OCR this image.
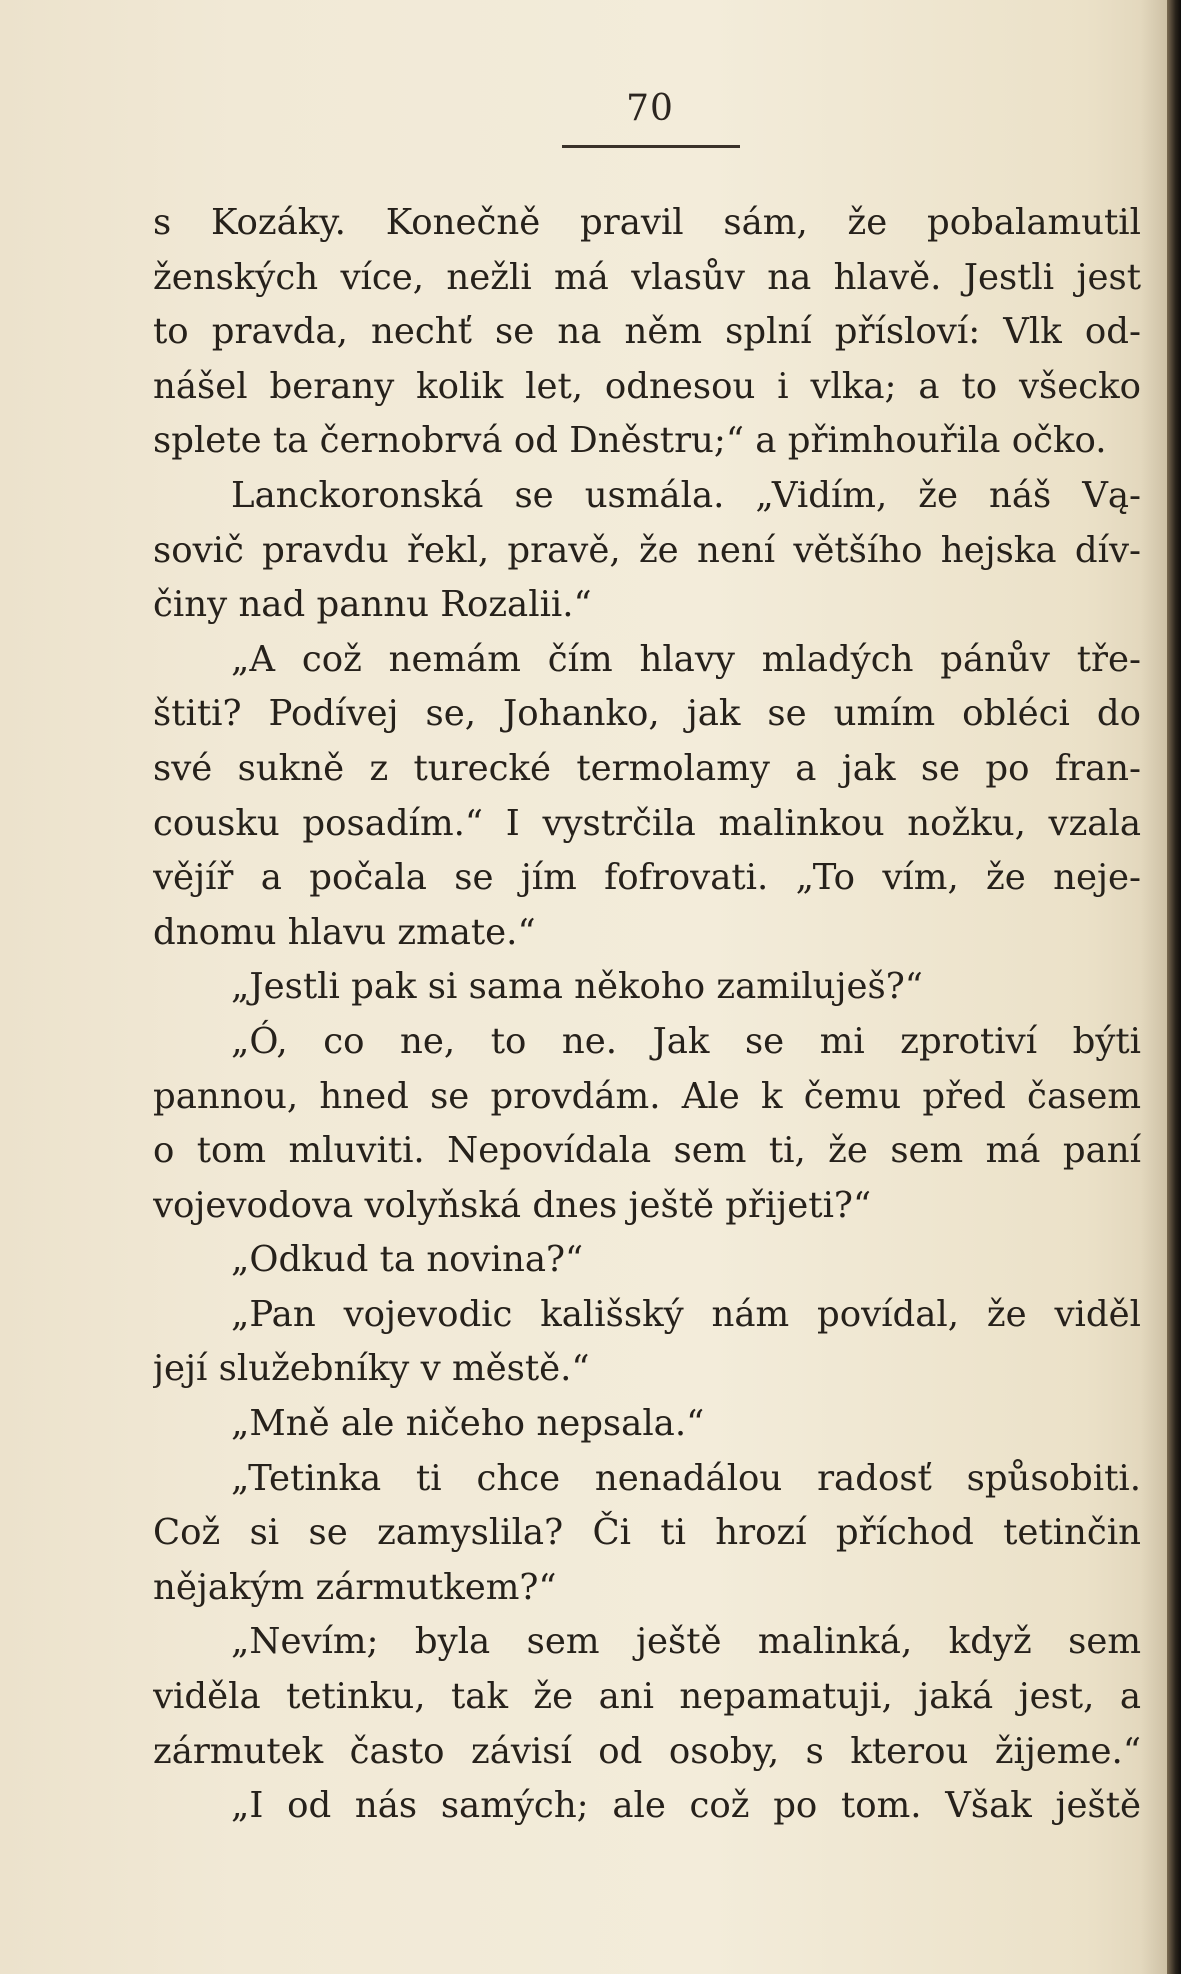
70
s Kozáky. Konečně pravil sám, že pobalamutil
ženských více, nežli má vlasův na hlavě. Jestli jest
to pravda, nechť se na něm splní přísloví: Vlk od-
nášel berany kolik let, odnesou i vlka; a to všecko
splete ta černobrvá od Dněstru;“ a přimhouřila očko.
Lanckoronská se usmála. „Vidím, že náš Vą-
sovič pravdu řekl, pravě, že není většího hejska dív-
činy nad pannu Rozalii.“
„A což nemám čím hlavy mladých pánův tře-
štiti? Podívej se, Johanko, jak se umím obléci do
své sukně z turecké termolamy a jak se po fran-
cousku posadím.“ I vystrčila malinkou nožku, vzala
vějíř a počala se jím fofrovati. „To vím, že neje-
dnomu hlavu zmate.“
„Jestli pak si sama někoho zamiluješ?“
„Ó, co ne, to ne. Jak se mi zprotiví býti
pannou, hned se provdám. Ale k čemu před časem
o tom mluviti. Nepovídala sem ti, že sem má paní
vojevodova volyňská dnes ještě přijeti?“
„Odkud ta novina?“
„Pan vojevodic kališský nám povídal, že viděl
její služebníky v městě.“
„Mně ale ničeho nepsala.“
„Tetinka ti chce nenadálou radosť spůsobiti.
Což si se zamyslila? Či ti hrozí příchod tetinčin
nějakým zármutkem?“
„Nevím; byla sem ještě malinká, když sem
viděla tetinku, tak že ani nepamatuji, jaká jest, a
zármutek často závisí od osoby, s kterou žijeme.“
„I od nás samých; ale což po tom. Však ještě
